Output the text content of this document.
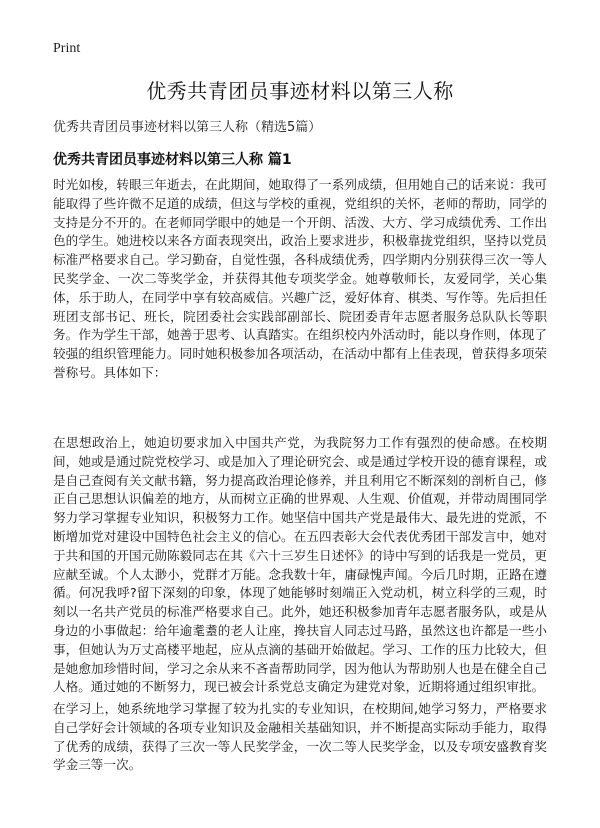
Print
优秀共青团员事迹材料以第三人称
优秀共青团员事迹材料以第三人称（精选5篇）
优秀共青团员事迹材料以第三人称 篇1

时光如梭，转眼三年逝去，在此期间，她取得了一系列成绩，但用她自己的话来说：我可能取得了些许微不足道的成绩，但这与学校的重视，党组织的关怀，老师的帮助，同学的支持是分不开的。在老师同学眼中的她是一个开朗、活泼、大方、学习成绩优秀、工作出色的学生。她进校以来各方面表现突出，政治上要求进步，积极靠拢党组织，坚持以党员标准严格要求自己。学习勤奋，自觉性强，各科成绩优秀，四学期内分别获得三次一等人民奖学金、一次二等奖学金，并获得其他专项奖学金。她尊敬师长，友爱同学，关心集体，乐于助人，在同学中享有较高威信。兴趣广泛，爱好体育、棋类、写作等。先后担任班团支部书记、班长，院团委社会实践部副部长、院团委青年志愿者服务总队队长等职务。作为学生干部，她善于思考、认真踏实。在组织校内外活动时，能以身作则，体现了较强的组织管理能力。同时她积极参加各项活动，在活动中都有上佳表现，曾获得多项荣誉称号。具体如下：

在思想政治上，她迫切要求加入中国共产党，为我院努力工作有强烈的使命感。在校期间，她或是通过院党校学习、或是加入了理论研究会、或是通过学校开设的德育课程，或是自己查阅有关文献书籍，努力提高政治理论修养，并且利用它不断深刻的剖析自己，修正自己思想认识偏差的地方，从而树立正确的世界观、人生观、价值观，并带动周围同学努力学习掌握专业知识，积极努力工作。她坚信中国共产党是最伟大、最先进的党派，不断增加党对建设中国特色社会主义的信心。在五四表彰大会代表优秀团干部发言中，她对于共和国的开国元勋陈毅同志在其《六十三岁生日述怀》的诗中写到的话我是一党员，更应献至诚。个人太渺小，党群才万能。念我数十年，庸碌愧声闻。今后几时期，正路在遵循。何况我呼?留下深刻的印象，体现了她能够时刻端正入党动机，树立科学的三观，时刻以一名共产党员的标准严格要求自己。此外，她还积极参加青年志愿者服务队，或是从身边的小事做起：给年逾耄耋的老人让座，搀扶盲人同志过马路，虽然这也许都是一些小事，但她认为万丈高楼平地起，应从点滴的基础开始做起。学习、工作的压力比较大，但是她愈加珍惜时间，学习之余从来不吝啬帮助同学，因为他认为帮助别人也是在健全自己人格。通过她的不断努力，现已被会计系党总支确定为建党对象，近期将通过组织审批。

在学习上，她系统地学习掌握了较为扎实的专业知识，在校期间,她学习努力，严格要求自己学好会计领域的各项专业知识及金融相关基础知识，并不断提高实际动手能力，取得了优秀的成绩，获得了三次一等人民奖学金，一次二等人民奖学金，以及专项安盛教育奖学金三等一次。
